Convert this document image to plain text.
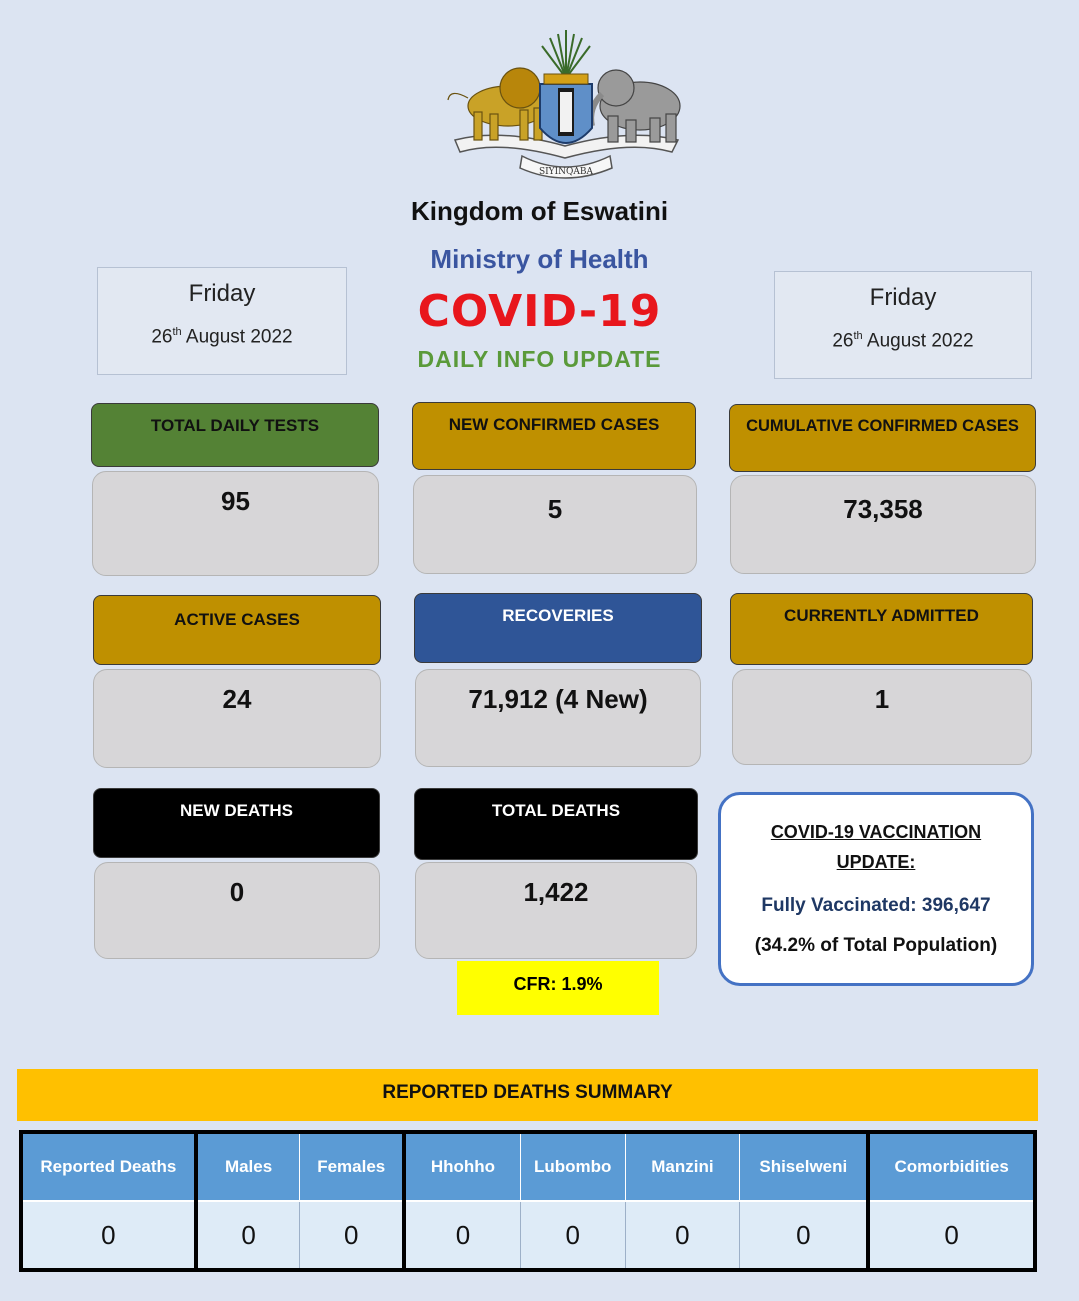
SIYINQABA
Kingdom of Eswatini
Ministry of Health
COVID-19
DAILY INFO UPDATE
Friday
26th August 2022
Friday
26th August 2022
TOTAL DAILY TESTS
95
NEW CONFIRMED CASES
5
CUMULATIVE CONFIRMED CASES
73,358
ACTIVE CASES
24
RECOVERIES
71,912 (4 New)
CURRENTLY ADMITTED
1
NEW DEATHS
0
TOTAL DEATHS
1,422
CFR: 1.9%
COVID-19 VACCINATION UPDATE:
Fully Vaccinated: 396,647
(34.2% of Total Population)
REPORTED DEATHS SUMMARY
Reported Deaths	Males	Females	Hhohho	Lubombo	Manzini	Shiselweni	Comorbidities
0	0	0	0	0	0	0	0
